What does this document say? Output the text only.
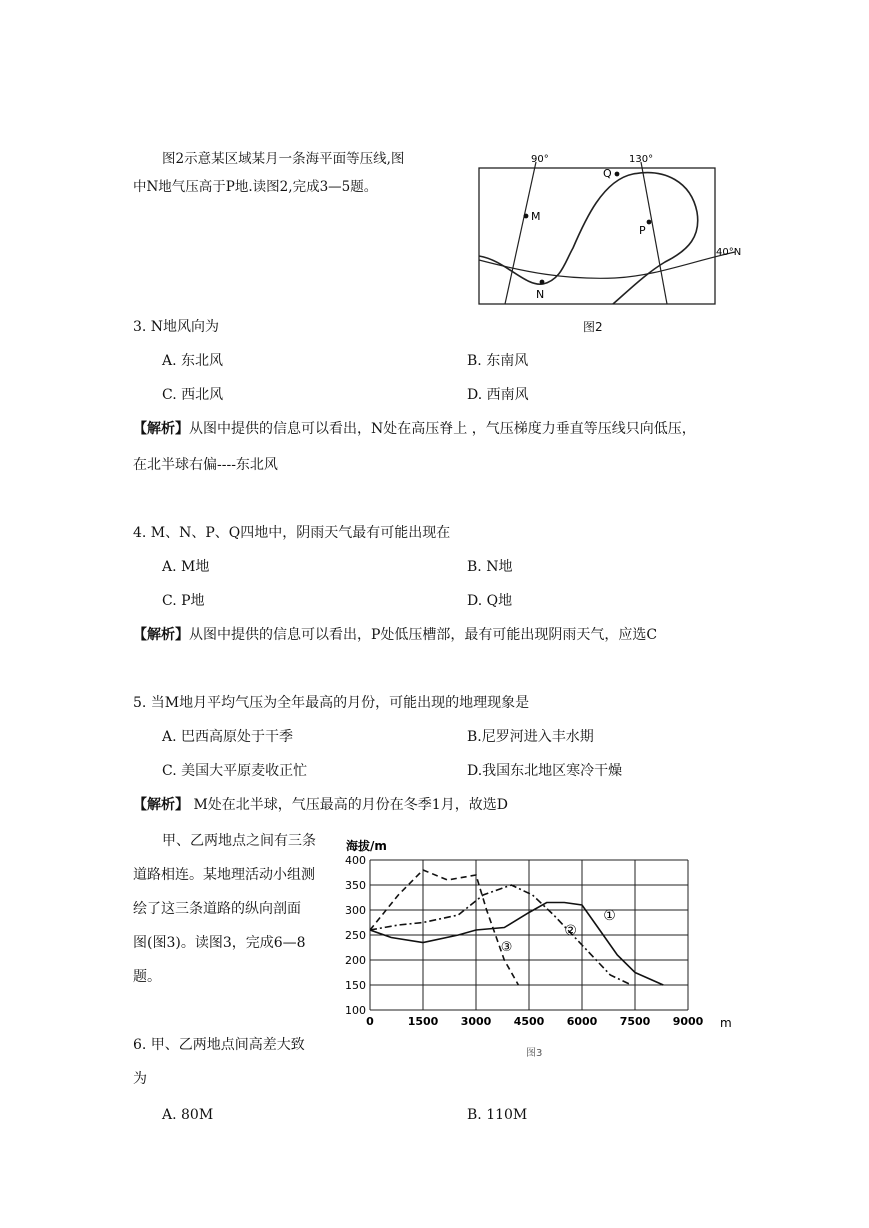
图2示意某区域某月一条海平面等压线,图
中N地气压高于P地.读图2,完成3—5题。
90°	130°
40°N
M
N
P
Q
图2
3. N地风向为
A. 东北风	B. 东南风
C. 西北风	D. 西南风
【解析】从图中提供的信息可以看出，N处在高压脊上 ，气压梯度力垂直等压线只向低压，
在北半球右偏----东北风
4. M、N、P、Q四地中，阴雨天气最有可能出现在
A. M地	B. N地
C. P地	D. Q地
【解析】从图中提供的信息可以看出，P处低压槽部，最有可能出现阴雨天气，应选C
5. 当M地月平均气压为全年最高的月份，可能出现的地理现象是
A. 巴西高原处于干季	B.尼罗河进入丰水期
C. 美国大平原麦收正忙	D.我国东北地区寒冷干燥
【解析】 M处在北半球，气压最高的月份在冬季1月，故选D
甲、乙两地点之间有三条
道路相连。某地理活动小组测
绘了这三条道路的纵向剖面
图(图3)。读图3，完成6—8
题。
海拔/m
100
150
200
250
300
350
400
0	1500 3000 4500 6000 7500 9000 m
①
②
③
图3
6. 甲、乙两地点间高差大致
为
A. 80M	B. 110M
